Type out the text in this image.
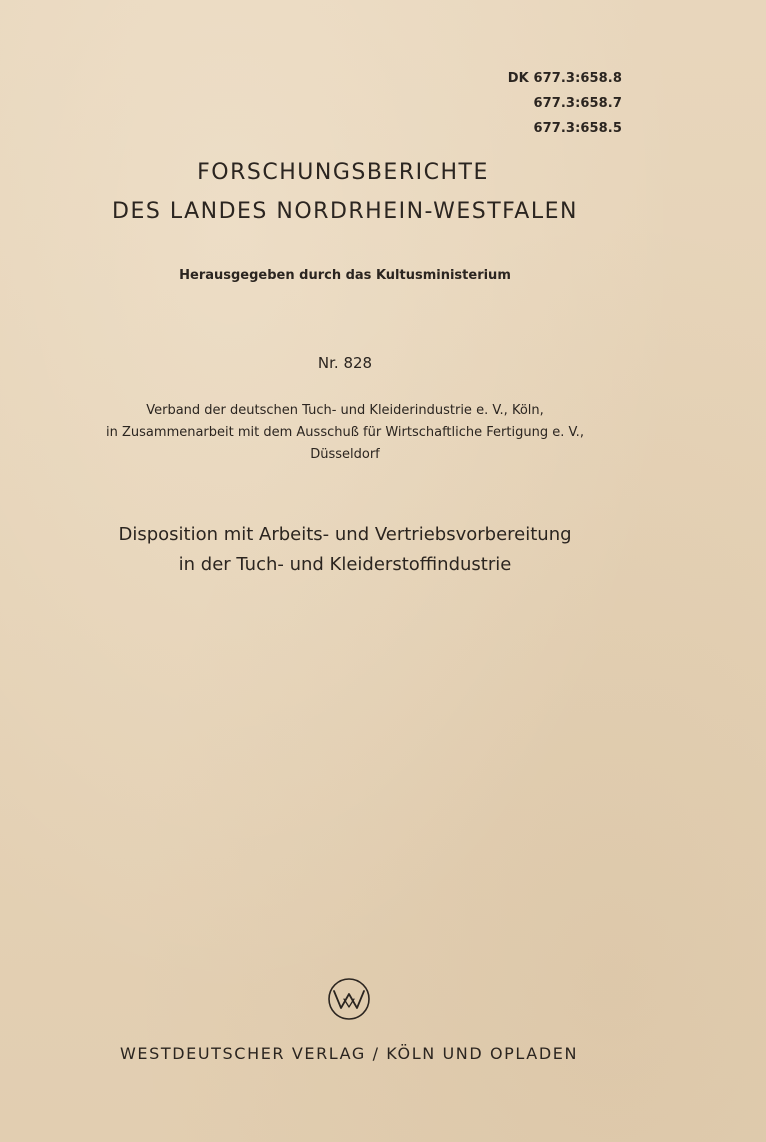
DK 677.3:658.8
677.3:658.7
677.3:658.5
FORSCHUNGSBERICHTE
DES LANDES NORDRHEIN-WESTFALEN
Herausgegeben durch das Kultusministerium
Nr. 828
Verband der deutschen Tuch- und Kleiderindustrie e. V., Köln,
in Zusammenarbeit mit dem Ausschuß für Wirtschaftliche Fertigung e. V.,
Düsseldorf
Disposition mit Arbeits- und Vertriebsvorbereitung
in der Tuch- und Kleiderstoffindustrie
WESTDEUTSCHER VERLAG / KÖLN UND OPLADEN
